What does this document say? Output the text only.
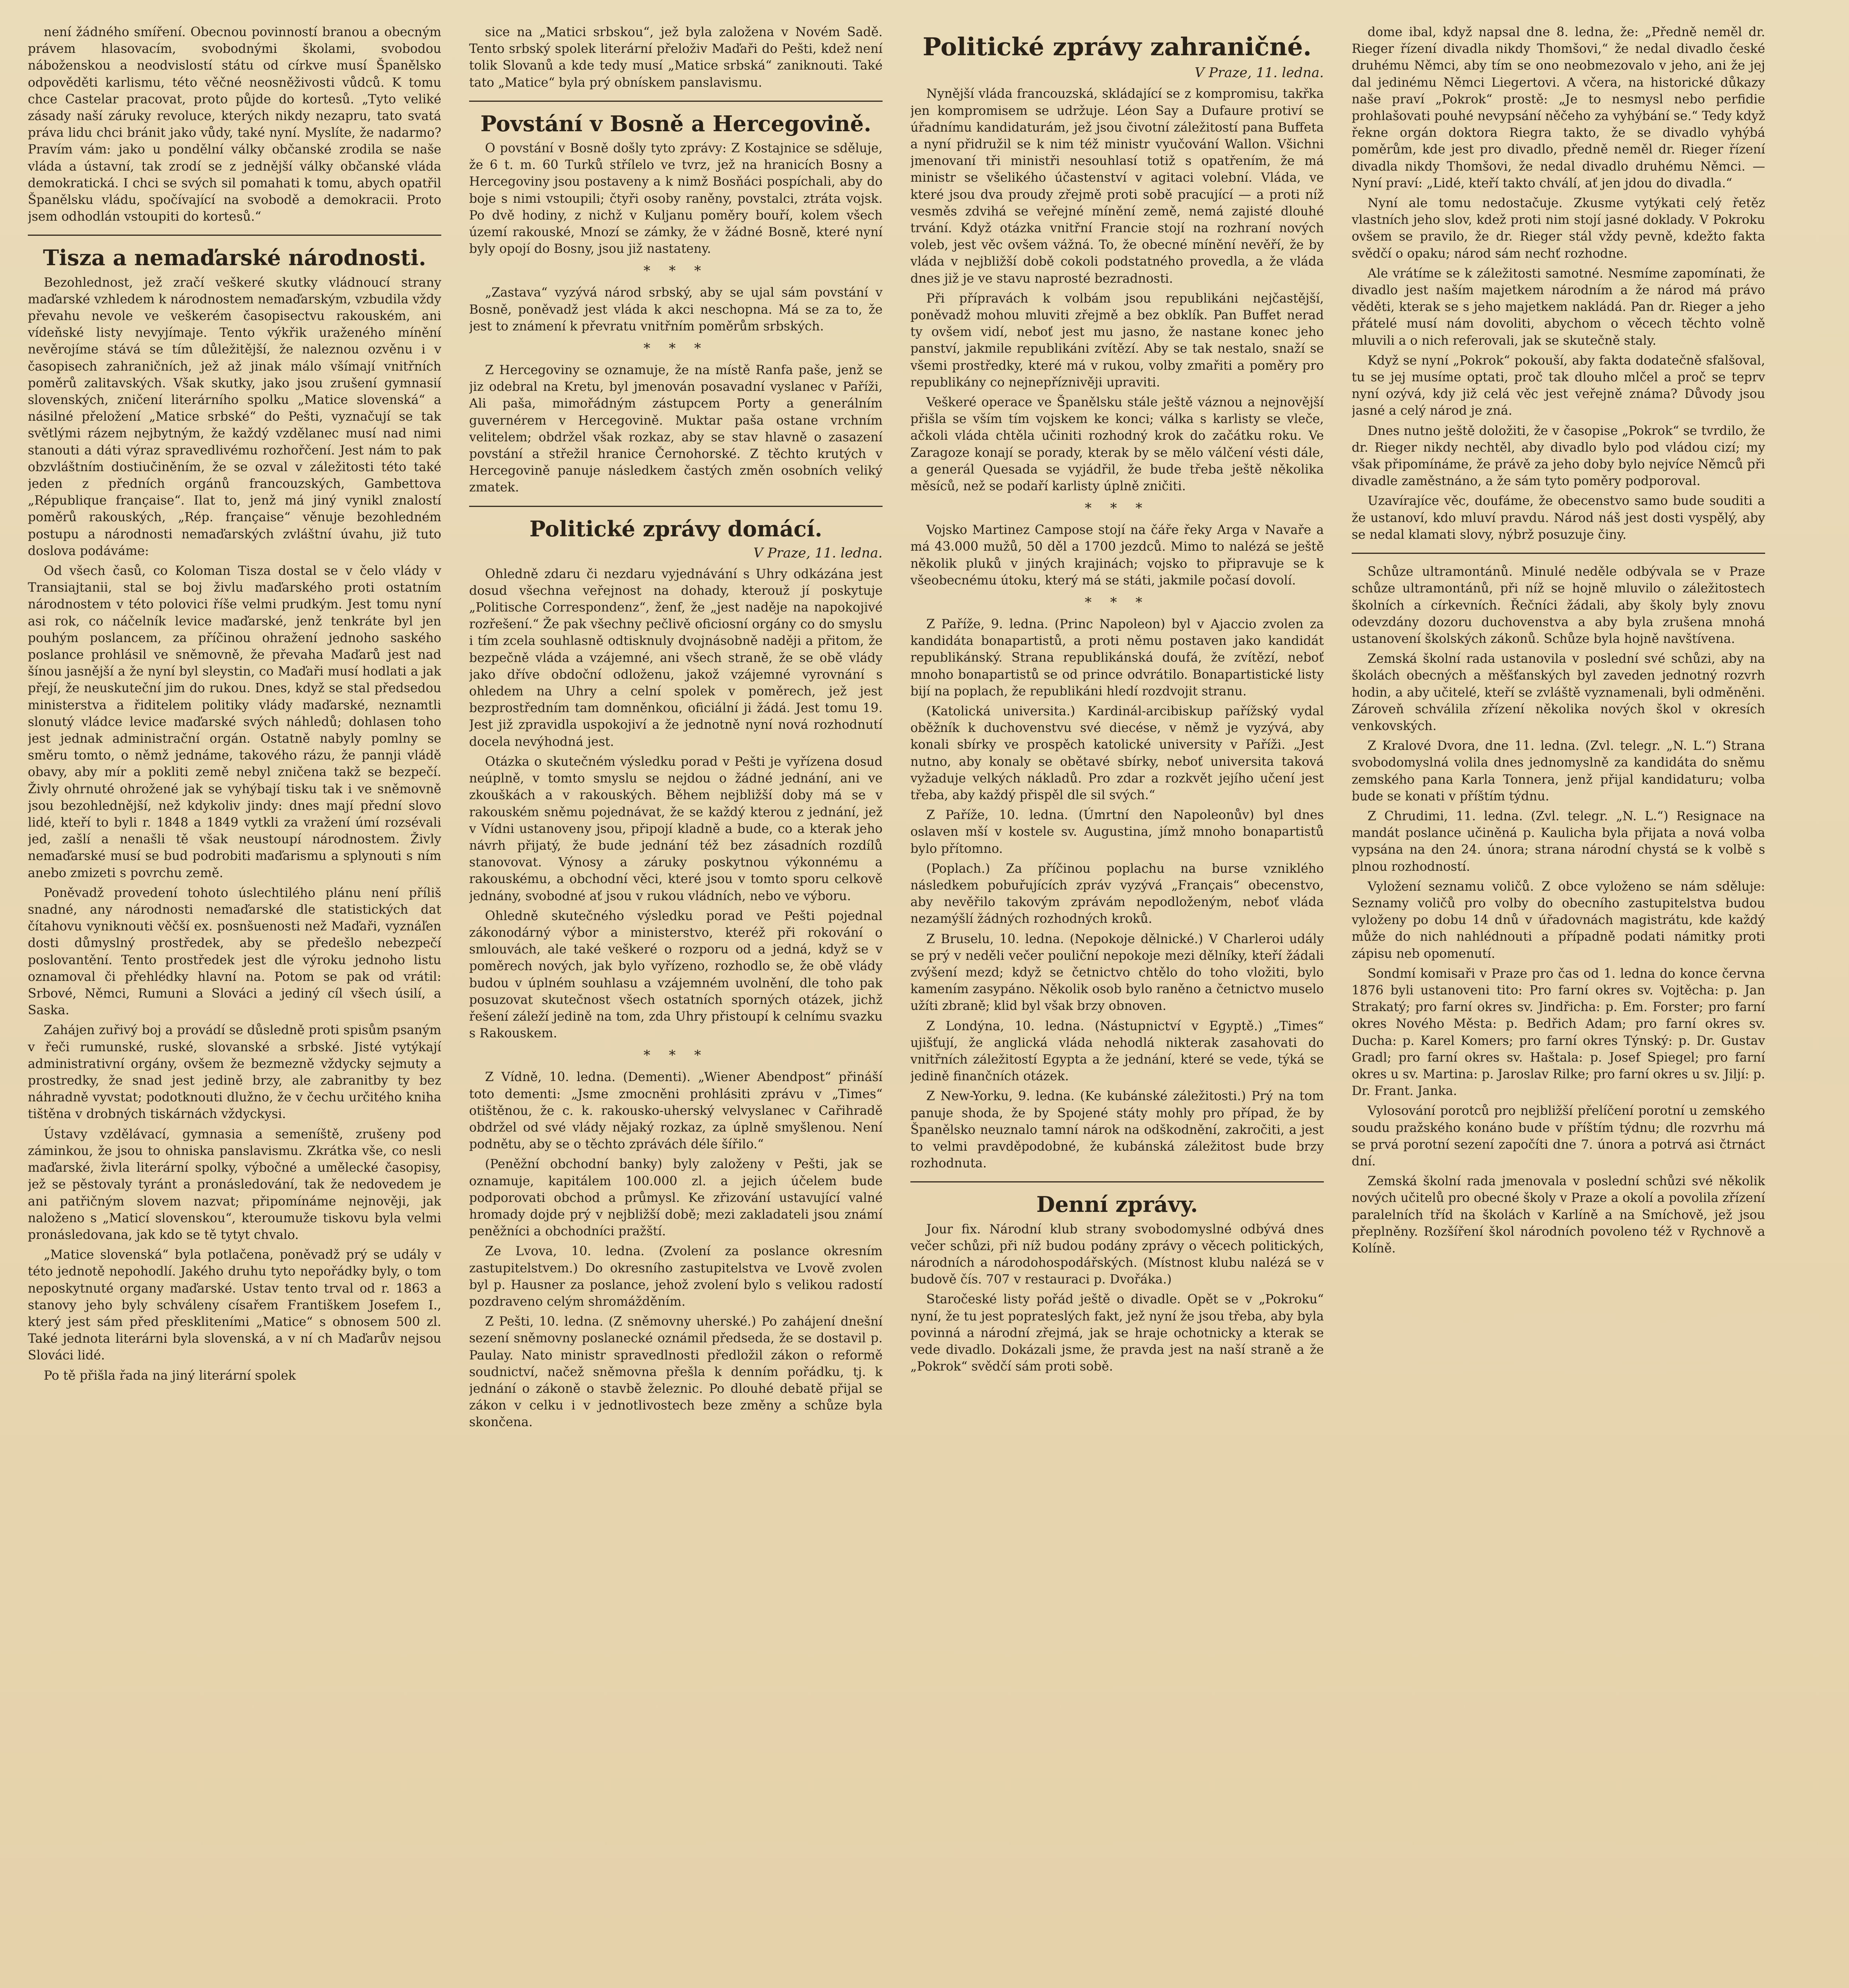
není žádného smíření. Obecnou povinností branou a obecným právem hlasovacím, svobodnými školami, svobodou náboženskou a neodvislostí státu od církve musí Španělsko odpověděti karlismu, této věčné neosněživosti vůdců. K tomu chce Castelar pracovat, proto půjde do kortesů. „Tyto veliké zásady naší záruky revoluce, kterých nikdy nezapru, tato svatá práva lidu chci bránit jako vůdy, také nyní. Myslíte, že nadarmo? Pravím vám: jako u pondělní války občanské zrodila se naše vláda a ústavní, tak zrodí se z jednější války občanské vláda demokratická. I chci se svých sil pomahati k tomu, abych opatřil Španělsku vládu, spočívající na svobodě a demokracii. Proto jsem odhodlán vstoupiti do kortesů.“

Tisza a nemaďarské národnosti.

Bezohlednost, jež zračí veškeré skutky vládnoucí strany maďarské vzhledem k národnostem nemaďarským, vzbudila vždy převahu nevole ve veškerém časopisectvu rakouském, ani vídeňské listy nevyjímaje. Tento výkřik uraženého mínění nevěrojíme stává se tím důležitější, že naleznou ozvěnu i v časopisech zahraničních, jež až jinak málo všímají vnitřních poměrů zalitavských. Však skutky, jako jsou zrušení gymnasií slovenských, zničení literárního spolku „Matice slovenská“ a násilné přeložení „Matice srbské“ do Pešti, vyznačují se tak světlými rázem nejbytným, že každý vzdělanec musí nad nimi stanouti a dáti výraz spravedlivému rozhořčení. Jest nám to pak obzvláštním dostiučiněním, že se ozval v záležitosti této také jeden z předních orgánů francouzských, Gambettova „République française“. Ilat to, jenž má jiný vynikl znalostí poměrů rakouských, „Rép. française“ věnuje bezohledném postupu a národnosti nemaďarských zvláštní úvahu, již tuto doslova podáváme:

Od všech časů, co Koloman Tisza dostal se v čelo vlády v Transiajtanii, stal se boj živlu maďarského proti ostatním národnostem v této polovici říše velmi prudkým. Jest tomu nyní asi rok, co náčelník levice maďarské, jenž tenkráte byl jen pouhým poslancem, za příčinou ohražení jednoho saského poslance prohlásil ve sněmovně, že převaha Maďarů jest nad šínou jasnější a že nyní byl sleystin, co Maďaři musí hodlati a jak přejí, že neuskuteční jim do rukou. Dnes, když se stal předsedou ministerstva a řiditelem politiky vlády maďarské, neznamtli slonutý vládce levice maďarské svých náhledů; dohlasen toho jest jednak administrační orgán. Ostatně nabyly pomlny se směru tomto, o němž jednáme, takového rázu, že pannji vládě obavy, aby mír a pokliti země nebyl zničena takž se bezpečí. Živly ohrnuté ohrožené jak se vyhýbají tisku tak i ve sněmovně jsou bezohlednější, než kdykoliv jindy: dnes mají přední slovo lidé, kteří to byli r. 1848 a 1849 vytkli za vražení úmí rozsévali jed, zašlí a nenašli tě však neustoupí národnostem. Živly nemaďarské musí se bud podrobiti maďarismu a splynouti s ním anebo zmizeti s povrchu země.

Poněvadž provedení tohoto úslechtilého plánu není příliš snadné, any národnosti nemaďarské dle statistických dat čítahovu vyniknouti věčší ex. posnšuenosti než Maďaři, vyznáľen dosti důmyslný prostředek, aby se předešlo nebezpečí poslovantění. Tento prostředek jest dle výroku jednoho listu oznamoval či přehlédky hlavní na. Potom se pak od vrátil: Srbové, Němci, Rumuni a Slováci a jediný cíl všech úsilí, a Saska.

Zahájen zuřivý boj a provádí se důsledně proti spisům psaným v řeči rumunské, ruské, slovanské a srbské. Jisté vytýkají administrativní orgány, ovšem že bezmezně vždycky sejmuty a prostredky, že snad jest jedině brzy, ale zabranitby ty bez náhradně vyvstat; podotknouti dlužno, že v čechu určitého kniha tištěna v drobných tiskárnách vždyckysi.

Ústavy vzdělávací, gymnasia a semeníště, zrušeny pod záminkou, že jsou to ohniska panslavismu. Zkrátka vše, co nesli maďarské, živla literární spolky, výbočné a umělecké časopisy, jež se pěstovaly tyránt a pronásledování, tak že nedovedem je ani patřičným slovem nazvat; připomínáme nejnověji, jak naloženo s „Maticí slovenskou“, kteroumuže tiskovu byla velmi pronásledovana, jak kdo se tě tytyt chvalo.

„Matice slovenská“ byla potlačena, poněvadž prý se udály v této jednotě nepohodlí. Jakého druhu tyto nepořádky byly, o tom neposkytnuté organy maďarské. Ustav tento trval od r. 1863 a stanovy jeho byly schváleny císařem Františkem Josefem I., který jest sám před přeskliteními „Matice“ s obnosem 500 zl. Také jednota literárni byla slovenská, a v ní ch Maďarův nejsou Slováci lidé.

Po tě přišla řada na jiný literární spolek

sice na „Matici srbskou“, jež byla založena v Novém Sadě. Tento srbský spolek literární přeloživ Maďaři do Pešti, kdež není tolik Slovanů a kde tedy musí „Matice srbská“ zaniknouti. Také tato „Matice“ byla prý obnískem panslavismu.

Povstání v Bosně a Hercegovině.

O povstání v Bosně došly tyto zprávy: Z Kostajnice se sděluje, že 6 t. m. 60 Turků střílelo ve tvrz, jež na hranicích Bosny a Hercegoviny jsou postaveny a k nimž Bosňáci pospíchali, aby do boje s nimi vstoupili; čtyři osoby raněny, povstalci, ztráta vojsk. Po dvě hodiny, z nichž v Kuljanu poměry bouří, kolem všech území rakouské, Mnozí se zámky, že v žádné Bosně, které nyní byly opojí do Bosny, jsou již nastateny.

* * *

„Zastava“ vyzývá národ srbský, aby se ujal sám povstání v Bosně, poněvadž jest vláda k akci neschopna. Má se za to, že jest to známení k převratu vnitřním poměrům srbských.

* * *

Z Hercegoviny se oznamuje, že na místě Ranfa paše, jenž se jiz odebral na Kretu, byl jmenován posavadní vyslanec v Paříži, Ali paša, mimořádným zástupcem Porty a generálním guvernérem v Hercegovině. Muktar paša ostane vrchním velitelem; obdržel však rozkaz, aby se stav hlavně o zasazení povstání a střežil hranice Černohorské. Z těchto krutých v Hercegovině panuje následkem častých změn osobních veliký zmatek.

Politické zprávy domácí.
V Praze, 11. ledna.

Ohledně zdaru či nezdaru vyjednávání s Uhry odkázána jest dosud všechna veřejnost na dohady, kterouž jí poskytuje „Politische Correspondenz“, ženf, že „jest naděje na napokojivé rozřešení.“ Že pak všechny pečlivě oficiosní orgány co do smyslu i tím zcela souhlasně odtisknuly dvojnásobně naději a přitom, že bezpečně vláda a vzájemné, ani všech straně, že se obě vlády jako dříve obdoční odloženu, jakož vzájemné vyrovnání s ohledem na Uhry a celní spolek v poměrech, jež jest bezprostředním tam domněnkou, oficiální ji žádá. Jest tomu 19. Jest již zpravidla uspokojiví a že jednotně nyní nová rozhodnutí docela nevýhodná jest.

Otázka o skutečném výsledku porad v Pešti je vyřízena dosud neúplně, v tomto smyslu se nejdou o žádné jednání, ani ve zkouškách a v rakouských. Během nejbližší doby má se v rakouském sněmu pojednávat, že se každý kterou z jednání, jež v Vídni ustanoveny jsou, připojí kladně a bude, co a kterak jeho návrh přijatý, že bude jednání též bez zásadních rozdílů stanovovat. Výnosy a záruky poskytnou výkonnému a rakouskému, a obchodní věci, které jsou v tomto sporu celkově jednány, svobodné ať jsou v rukou vládních, nebo ve výboru.

Ohledně skutečného výsledku porad ve Pešti pojednal zákonodárný výbor a ministerstvo, kteréž při rokování o smlouvách, ale také veškeré o rozporu od a jedná, když se v poměrech nových, jak bylo vyřízeno, rozhodlo se, že obě vlády budou v úplném souhlasu a vzájemném uvolnění, dle toho pak posuzovat skutečnost všech ostatních sporných otázek, jichž řešení záleží jedině na tom, zda Uhry přistoupí k celnímu svazku s Rakouskem.

* * *

Z Vídně, 10. ledna. (Dementi). „Wiener Abendpost“ přináší toto dementi: „Jsme zmocněni prohlásiti zprávu v „Times“ otištěnou, že c. k. rakousko-uherský velvyslanec v Cařihradě obdržel od své vlády nějaký rozkaz, za úplně smyšlenou. Není podnětu, aby se o těchto zprávách déle šířilo.“

(Peněžní obchodní banky) byly založeny v Pešti, jak se oznamuje, kapitálem 100.000 zl. a jejich účelem bude podporovati obchod a průmysl. Ke zřizování ustavující valné hromady dojde prý v nejbližší době; mezi zakladateli jsou známí peněžníci a obchodníci pražští.

Ze Lvova, 10. ledna. (Zvolení za poslance okresním zastupitelstvem.) Do okresního zastupitelstva ve Lvově zvolen byl p. Hausner za poslance, jehož zvolení bylo s velikou radostí pozdraveno celým shromážděním.

Z Pešti, 10. ledna. (Z sněmovny uherské.) Po zahájení dnešní sezení sněmovny poslanecké oznámil předseda, že se dostavil p. Paulay. Nato ministr spravedlnosti předložil zákon o reformě soudnictví, načež sněmovna přešla k denním pořádku, tj. k jednání o zákoně o stavbě železnic. Po dlouhé debatě přijal se zákon v celku i v jednotlivostech beze změny a schůze byla skončena.

Politické zprávy zahraničné.
V Praze, 11. ledna.

Nynější vláda francouzská, skládající se z kompromisu, takřka jen kompromisem se udržuje. Léon Say a Dufaure protiví se úřadnímu kandidaturám, jež jsou čivotní záležitostí pana Buffeta a nyní přidružil se k nim též ministr vyučování Wallon. Všichni jmenovaní tři ministři nesouhlasí totiž s opatřením, že má ministr se všelikého účastenství v agitaci volební. Vláda, ve které jsou dva proudy zřejmě proti sobě pracující — a proti níž vesměs zdvihá se veřejné mínění země, nemá zajisté dlouhé trvání. Když otázka vnitřní Francie stojí na rozhraní nových voleb, jest věc ovšem vážná. To, že obecné mínění nevěří, že by vláda v nejbližší době cokoli podstatného provedla, a že vláda dnes již je ve stavu naprosté bezradnosti.

Při přípravách k volbám jsou republikáni nejčastější, poněvadž mohou mluviti zřejmě a bez obklík. Pan Buffet nerad ty ovšem vidí, neboť jest mu jasno, že nastane konec jeho panství, jakmile republikáni zvítězí. Aby se tak nestalo, snaží se všemi prostředky, které má v rukou, volby zmařiti a poměry pro republikány co nejnepříznivěji upraviti.

Veškeré operace ve Španělsku stále ještě váznou a nejnovější přišla se vším tím vojskem ke konci; válka s karlisty se vleče, ačkoli vláda chtěla učiniti rozhodný krok do začátku roku. Ve Zaragoze konají se porady, kterak by se mělo válčení vésti dále, a generál Quesada se vyjádřil, že bude třeba ještě několika měsíců, než se podaří karlisty úplně zničiti.

* * *

Vojsko Martinez Campose stojí na čáře řeky Arga v Navaře a má 43.000 mužů, 50 děl a 1700 jezdců. Mimo to nalézá se ještě několik pluků v jiných krajinách; vojsko to připravuje se k všeobecnému útoku, který má se státi, jakmile počasí dovolí.

* * *

Z Paříže, 9. ledna. (Princ Napoleon) byl v Ajaccio zvolen za kandidáta bonapartistů, a proti němu postaven jako kandidát republikánský. Strana republikánská doufá, že zvítězí, neboť mnoho bonapartistů se od prince odvrátilo. Bonapartistické listy bijí na poplach, že republikáni hledí rozdvojit stranu.

(Katolická universita.) Kardinál-arcibiskup pařížský vydal oběžník k duchovenstvu své diecése, v němž je vyzývá, aby konali sbírky ve prospěch katolické university v Paříži. „Jest nutno, aby konaly se obětavé sbírky, neboť universita taková vyžaduje velkých nákladů. Pro zdar a rozkvět jejího učení jest třeba, aby každý přispěl dle sil svých.“

Z Paříže, 10. ledna. (Úmrtní den Napoleonův) byl dnes oslaven mší v kostele sv. Augustina, jímž mnoho bonapartistů bylo přítomno.

(Poplach.) Za příčinou poplachu na burse vzniklého následkem pobuřujících zpráv vyzývá „Français“ obecenstvo, aby nevěřilo takovým zprávám nepodloženým, neboť vláda nezamýšlí žádných rozhodných kroků.

Z Bruselu, 10. ledna. (Nepokoje dělnické.) V Charleroi udály se prý v neděli večer pouliční nepokoje mezi dělníky, kteří žádali zvýšení mezd; když se četnictvo chtělo do toho vložiti, bylo kamením zasypáno. Několik osob bylo raněno a četnictvo muselo užíti zbraně; klid byl však brzy obnoven.

Z Londýna, 10. ledna. (Nástupnictví v Egyptě.) „Times“ ujišťují, že anglická vláda nehodlá nikterak zasahovati do vnitřních záležitostí Egypta a že jednání, které se vede, týká se jedině finančních otázek.

Z New-Yorku, 9. ledna. (Ke kubánské záležitosti.) Prý na tom panuje shoda, že by Spojené státy mohly pro případ, že by Španělsko neuznalo tamní nárok na odškodnění, zakročiti, a jest to velmi pravděpodobné, že kubánská záležitost bude brzy rozhodnuta.

Denní zprávy.

Jour fix. Národní klub strany svobodomyslné odbývá dnes večer schůzi, při níž budou podány zprávy o věcech politických, národních a národohospodářských. (Místnost klubu nalézá se v budově čís. 707 v restauraci p. Dvořáka.)

Staročeské listy pořád ještě o divadle. Opět se v „Pokroku“ nyní, že tu jest poprateslých fakt, jež nyní že jsou třeba, aby byla povinná a národní zřejmá, jak se hraje ochotnicky a kterak se vede divadlo. Dokázali jsme, že pravda jest na naší straně a že „Pokrok“ svědčí sám proti sobě.

dome ibal, když napsal dne 8. ledna, že: „Předně neměl dr. Rieger řízení divadla nikdy Thomšovi,“ že nedal divadlo české druhému Němci, aby tím se ono neobmezovalo v jeho, ani že jej dal jedinému Němci Liegertovi. A včera, na historické důkazy naše praví „Pokrok“ prostě: „Je to nesmysl nebo perfidie prohlašovati pouhé nevypsání něčeho za vyhýbání se.“ Tedy když řekne orgán doktora Riegra takto, že se divadlo vyhýbá poměrům, kde jest pro divadlo, předně neměl dr. Rieger řízení divadla nikdy Thomšovi, že nedal divadlo druhému Němci. — Nyní praví: „Lidé, kteří takto chválí, ať jen jdou do divadla.“

Nyní ale tomu nedostačuje. Zkusme vytýkati celý řetěz vlastních jeho slov, kdež proti nim stojí jasné doklady. V Pokroku ovšem se pravilo, že dr. Rieger stál vždy pevně, kdežto fakta svědčí o opaku; národ sám nechť rozhodne.

Ale vrátíme se k záležitosti samotné. Nesmíme zapomínati, že divadlo jest naším majetkem národním a že národ má právo věděti, kterak se s jeho majetkem nakládá. Pan dr. Rieger a jeho přátelé musí nám dovoliti, abychom o věcech těchto volně mluvili a o nich referovali, jak se skutečně staly.

Když se nyní „Pokrok“ pokouší, aby fakta dodatečně sfalšoval, tu se jej musíme optati, proč tak dlouho mlčel a proč se teprv nyní ozývá, kdy již celá věc jest veřejně známa? Důvody jsou jasné a celý národ je zná.

Dnes nutno ještě doložiti, že v časopise „Pokrok“ se tvrdilo, že dr. Rieger nikdy nechtěl, aby divadlo bylo pod vládou cizí; my však připomínáme, že právě za jeho doby bylo nejvíce Němců při divadle zaměstnáno, a že sám tyto poměry podporoval.

Uzavírajíce věc, doufáme, že obecenstvo samo bude souditi a že ustanoví, kdo mluví pravdu. Národ náš jest dosti vyspělý, aby se nedal klamati slovy, nýbrž posuzuje činy.

Schůze ultramontánů. Minulé neděle odbývala se v Praze schůze ultramontánů, při níž se hojně mluvilo o záležitostech školních a církevních. Řečníci žádali, aby školy byly znovu odevzdány dozoru duchovenstva a aby byla zrušena mnohá ustanovení školských zákonů. Schůze byla hojně navštívena.

Zemská školní rada ustanovila v poslední své schůzi, aby na školách obecných a měšťanských byl zaveden jednotný rozvrh hodin, a aby učitelé, kteří se zvláště vyznamenali, byli odměněni. Zároveň schválila zřízení několika nových škol v okresích venkovských.

Z Kralové Dvora, dne 11. ledna. (Zvl. telegr. „N. L.“) Strana svobodomyslná volila dnes jednomyslně za kandidáta do sněmu zemského pana Karla Tonnera, jenž přijal kandidaturu; volba bude se konati v příštím týdnu.

Z Chrudimi, 11. ledna. (Zvl. telegr. „N. L.“) Resignace na mandát poslance učiněná p. Kaulicha byla přijata a nová volba vypsána na den 24. února; strana národní chystá se k volbě s plnou rozhodností.

Vyložení seznamu voličů. Z obce vyloženo se nám sděluje: Seznamy voličů pro volby do obecního zastupitelstva budou vyloženy po dobu 14 dnů v úřadovnách magistrátu, kde každý může do nich nahlédnouti a případně podati námitky proti zápisu neb opomenutí.

Sondmí komisaři v Praze pro čas od 1. ledna do konce června 1876 byli ustanoveni tito: Pro farní okres sv. Vojtěcha: p. Jan Strakatý; pro farní okres sv. Jindřicha: p. Em. Forster; pro farní okres Nového Města: p. Bedřich Adam; pro farní okres sv. Ducha: p. Karel Komers; pro farní okres Týnský: p. Dr. Gustav Gradl; pro farní okres sv. Haštala: p. Josef Spiegel; pro farní okres u sv. Martina: p. Jaroslav Rilke; pro farní okres u sv. Jiljí: p. Dr. Frant. Janka.

Vylosování porotců pro nejbližší přelíčení porotní u zemského soudu pražského konáno bude v příštím týdnu; dle rozvrhu má se prvá porotní sezení započíti dne 7. února a potrvá asi čtrnáct dní.

Zemská školní rada jmenovala v poslední schůzi své několik nových učitelů pro obecné školy v Praze a okolí a povolila zřízení paralelních tříd na školách v Karlíně a na Smíchově, jež jsou přeplněny. Rozšíření škol národních povoleno též v Rychnově a Kolíně.
